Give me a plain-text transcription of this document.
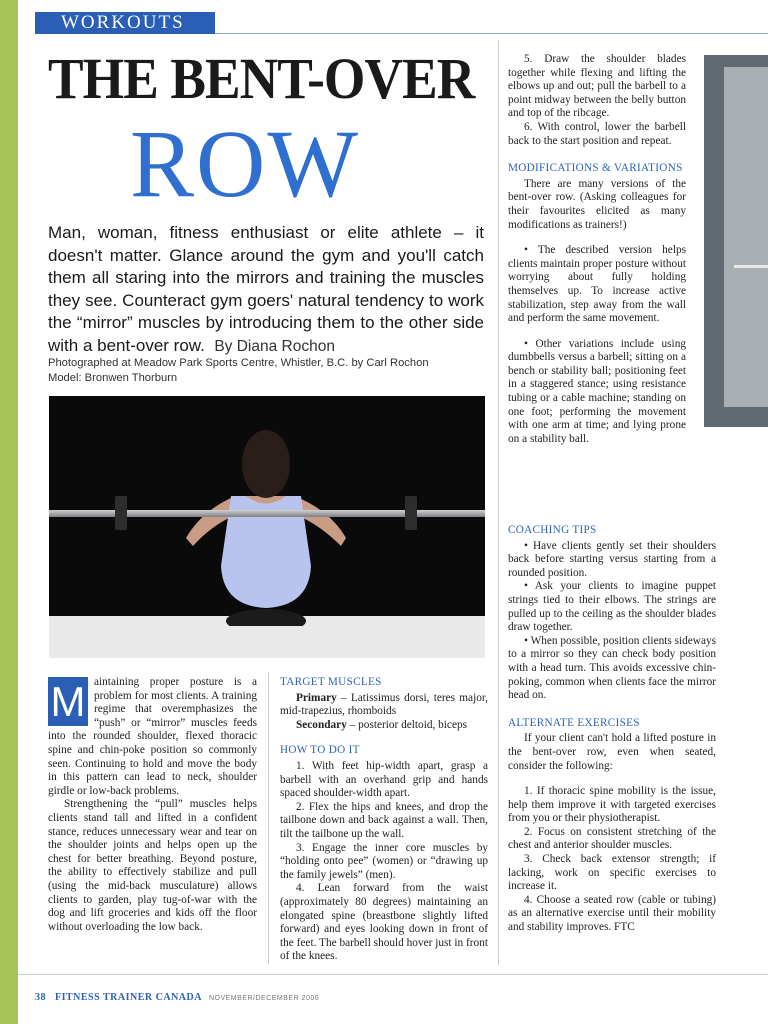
WORKOUTS
THE BENT-OVER
ROW
Man, woman, fitness enthusiast or elite athlete – it doesn't matter. Glance around the gym and you'll catch them all staring into the mirrors and training the muscles they see. Counteract gym goers' natural tendency to work the “mirror” muscles by introducing them to the other side with a bent-over row. By Diana Rochon
Photographed at Meadow Park Sports Centre, Whistler, B.C. by Carl Rochon
Model: Bronwen Thorburn

M aintaining proper posture is a problem for most clients. A training regime that overemphasizes the “push” or “mirror” muscles feeds into the rounded shoulder, flexed thoracic spine and chin-poke position so commonly seen. Continuing to hold and move the body in this pattern can lead to neck, shoulder girdle or low-back problems.

Strengthening the “pull” muscles helps clients stand tall and lifted in a confident stance, reduces unnecessary wear and tear on the shoulder joints and helps open up the chest for better breathing. Beyond posture, the ability to effectively stabilize and pull (using the mid-back musculature) allows clients to garden, play tug-of-war with the dog and lift groceries and kids off the floor without overloading the low back.

TARGET MUSCLES

Primary – Latissimus dorsi, teres major, mid-trapezius, rhomboids

Secondary – posterior deltoid, biceps

HOW TO DO IT

1. With feet hip-width apart, grasp a barbell with an overhand grip and hands spaced shoulder-width apart.

2. Flex the hips and knees, and drop the tailbone down and back against a wall. Then, tilt the tailbone up the wall.

3. Engage the inner core muscles by “holding onto pee” (women) or “drawing up the family jewels” (men).

4. Lean forward from the waist (approximately 80 degrees) maintaining an elongated spine (breastbone slightly lifted forward) and eyes looking down in front of the feet. The barbell should hover just in front of the knees.

5. Draw the shoulder blades together while flexing and lifting the elbows up and out; pull the barbell to a point midway between the belly button and top of the ribcage.

6. With control, lower the barbell back to the start position and repeat.

MODIFICATIONS & VARIATIONS

There are many versions of the bent-over row. (Asking colleagues for their favourites elicited as many modifications as trainers!)

• The described version helps clients maintain proper posture without worrying about fully holding themselves up. To increase active stabilization, step away from the wall and perform the same movement.

• Other variations include using dumbbells versus a barbell; sitting on a bench or stability ball; positioning feet in a staggered stance; using resistance tubing or a cable machine; standing on one foot; performing the movement with one arm at time; and lying prone on a stability ball.

COACHING TIPS

• Have clients gently set their shoulders back before starting versus starting from a rounded position.

• Ask your clients to imagine puppet strings tied to their elbows. The strings are pulled up to the ceiling as the shoulder blades draw together.

• When possible, position clients sideways to a mirror so they can check body position with a head turn. This avoids excessive chin-poking, common when clients face the mirror head on.

ALTERNATE EXERCISES

If your client can't hold a lifted posture in the bent-over row, even when seated, consider the following:

1. If thoracic spine mobility is the issue, help them improve it with targeted exercises from you or their physiotherapist.

2. Focus on consistent stretching of the chest and anterior shoulder muscles.

3. Check back extensor strength; if lacking, work on specific exercises to increase it.

4. Choose a seated row (cable or tubing) as an alternative exercise until their mobility and stability improves. FTC

38 FITNESS TRAINER CANADA NOVEMBER/DECEMBER 2006
